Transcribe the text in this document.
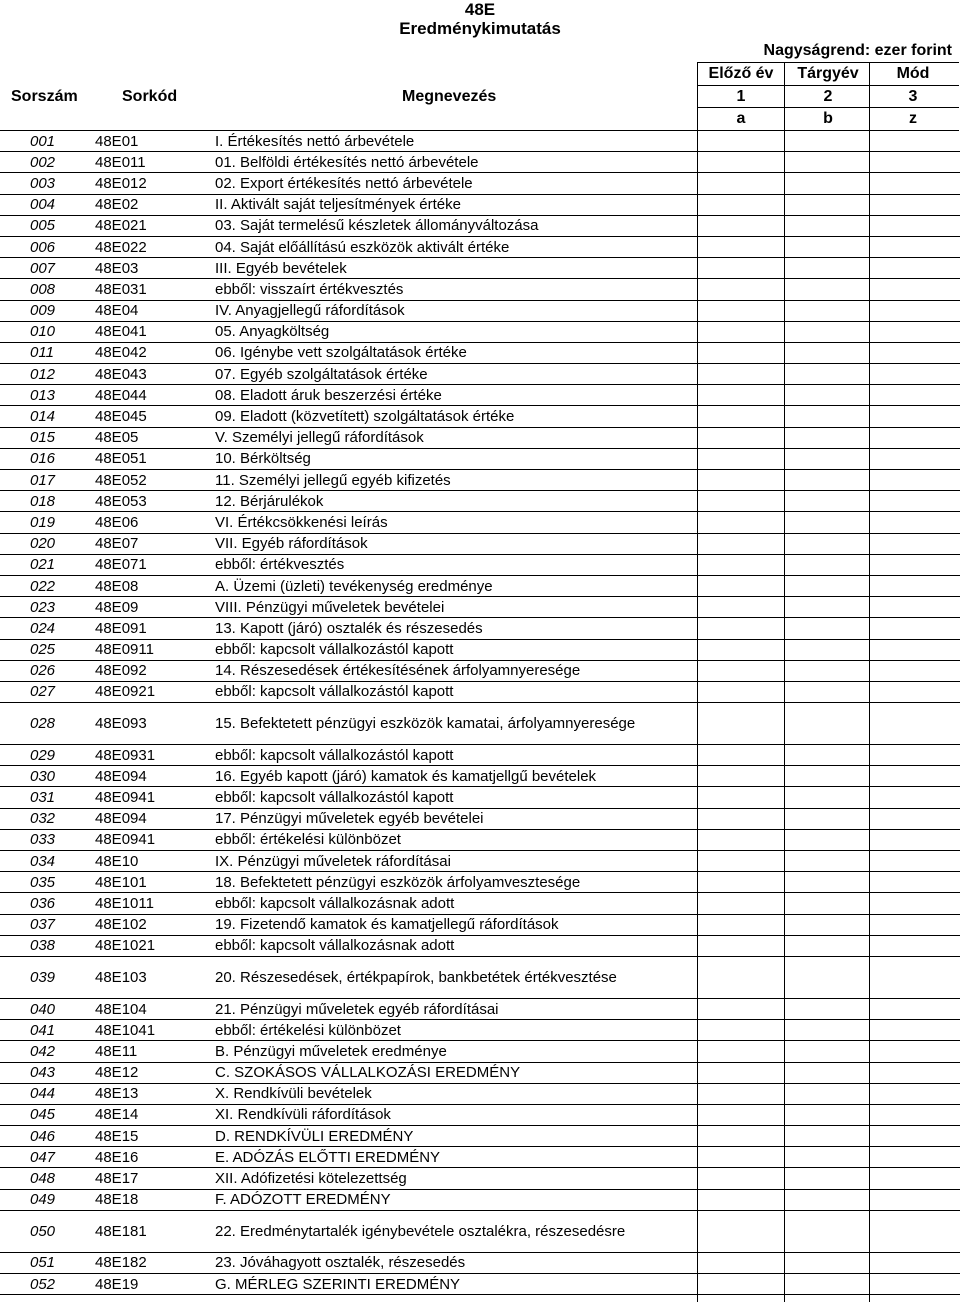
48E
Eredménykimutatás
Nagyságrend: ezer forint
Sorszám	Sorkód	Megnevezés
Előző év	Tárgyév	Mód
1	2	3
a	b	z
001	48E01	I. Értékesítés nettó árbevétele
002	48E011	01. Belföldi értékesítés nettó árbevétele
003	48E012	02. Export értékesítés nettó árbevétele
004	48E02	II. Aktivált saját teljesítmények értéke
005	48E021	03. Saját termelésű készletek állományváltozása
006	48E022	04. Saját előállítású eszközök aktivált értéke
007	48E03	III. Egyéb bevételek
008	48E031	ebből: visszaírt értékvesztés
009	48E04	IV. Anyagjellegű ráfordítások
010	48E041	05. Anyagköltség
011	48E042	06. Igénybe vett szolgáltatások értéke
012	48E043	07. Egyéb szolgáltatások értéke
013	48E044	08. Eladott áruk beszerzési értéke
014	48E045	09. Eladott (közvetített) szolgáltatások értéke
015	48E05	V. Személyi jellegű ráfordítások
016	48E051	10. Bérköltség
017	48E052	11. Személyi jellegű egyéb kifizetés
018	48E053	12. Bérjárulékok
019	48E06	VI. Értékcsökkenési leírás
020	48E07	VII. Egyéb ráfordítások
021	48E071	ebből: értékvesztés
022	48E08	A. Üzemi (üzleti) tevékenység eredménye
023	48E09	VIII. Pénzügyi műveletek bevételei
024	48E091	13. Kapott (járó) osztalék és részesedés
025	48E0911	ebből: kapcsolt vállalkozástól kapott
026	48E092	14. Részesedések értékesítésének árfolyamnyeresége
027	48E0921	ebből: kapcsolt vállalkozástól kapott
028	48E093	15. Befektetett pénzügyi eszközök kamatai, árfolyamnyeresége
029	48E0931	ebből: kapcsolt vállalkozástól kapott
030	48E094	16. Egyéb kapott (járó) kamatok és kamatjellgű bevételek
031	48E0941	ebből: kapcsolt vállalkozástól kapott
032	48E094	17. Pénzügyi műveletek egyéb bevételei
033	48E0941	ebből: értékelési különbözet
034	48E10	IX. Pénzügyi műveletek ráfordításai
035	48E101	18. Befektetett pénzügyi eszközök árfolyamvesztesége
036	48E1011	ebből: kapcsolt vállalkozásnak adott
037	48E102	19. Fizetendő kamatok és kamatjellegű ráfordítások
038	48E1021	ebből: kapcsolt vállalkozásnak adott
039	48E103	20. Részesedések, értékpapírok, bankbetétek értékvesztése
040	48E104	21. Pénzügyi műveletek egyéb ráfordításai
041	48E1041	ebből: értékelési különbözet
042	48E11	B. Pénzügyi műveletek eredménye
043	48E12	C. SZOKÁSOS VÁLLALKOZÁSI EREDMÉNY
044	48E13	X. Rendkívüli bevételek
045	48E14	XI. Rendkívüli ráfordítások
046	48E15	D. RENDKÍVÜLI EREDMÉNY
047	48E16	E. ADÓZÁS ELŐTTI EREDMÉNY
048	48E17	XII. Adófizetési kötelezettség
049	48E18	F. ADÓZOTT EREDMÉNY
050	48E181	22. Eredménytartalék igénybevétele osztalékra, részesedésre
051	48E182	23. Jóváhagyott osztalék, részesedés
052	48E19	G. MÉRLEG SZERINTI EREDMÉNY
